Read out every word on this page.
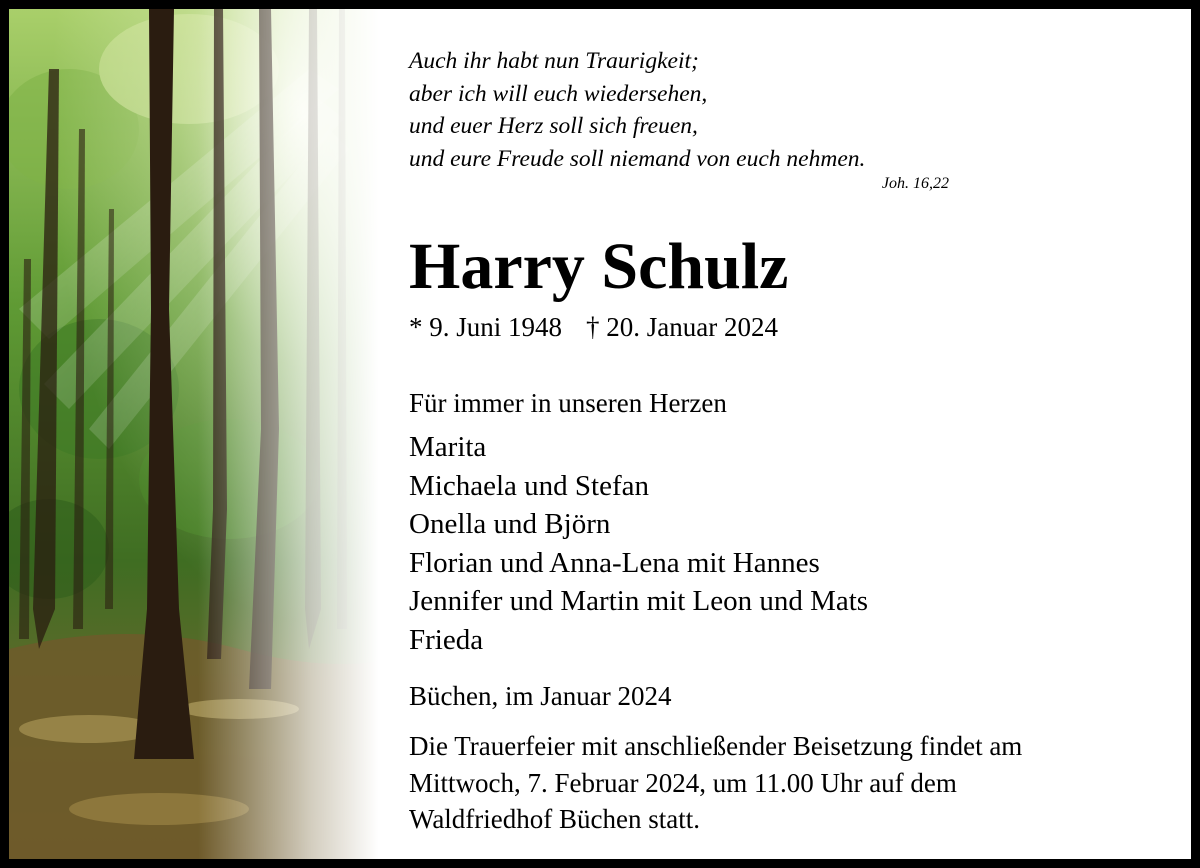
Auch ihr habt nun Traurigkeit;
aber ich will euch wiedersehen,
und euer Herz soll sich freuen,
und eure Freude soll niemand von euch nehmen.
Joh. 16,22
Harry Schulz
* 9. Juni 1948 † 20. Januar 2024
Für immer in unseren Herzen
Marita
Michaela und Stefan
Onella und Björn
Florian und Anna-Lena mit Hannes
Jennifer und Martin mit Leon und Mats
Frieda
Büchen, im Januar 2024
Die Trauerfeier mit anschließender Beisetzung findet am
Mittwoch, 7. Februar 2024, um 11.00 Uhr auf dem
Waldfriedhof Büchen statt.
